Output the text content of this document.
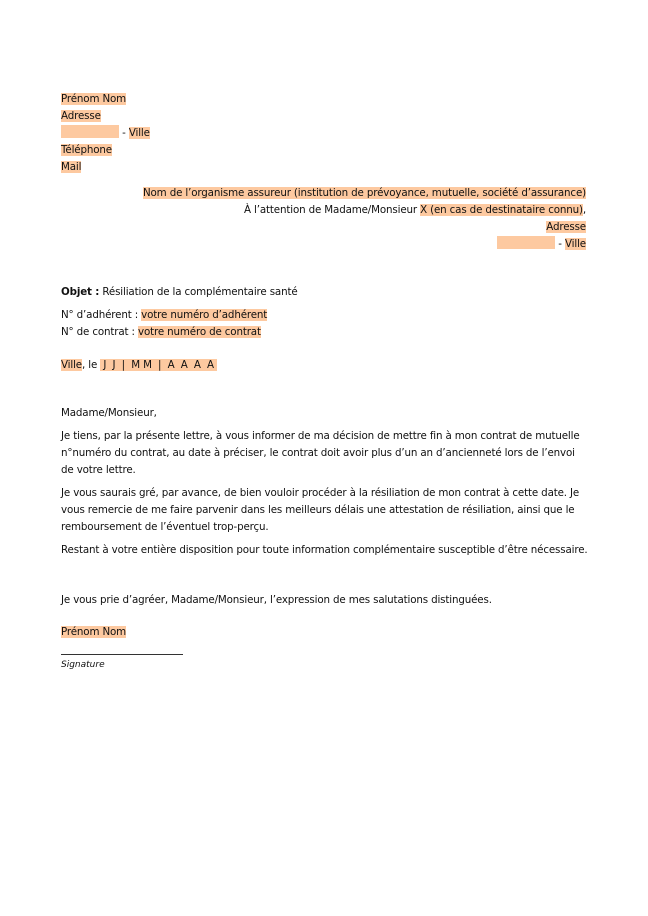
Prénom Nom
Adresse
- Ville
Téléphone
Mail
Nom de l’organisme assureur (institution de prévoyance, mutuelle, société d’assurance)
À l’attention de Madame/Monsieur X (en cas de destinataire connu),
Adresse
- Ville
Objet : Résiliation de la complémentaire santé
N° d’adhérent : votre numéro d’adhérent
N° de contrat : votre numéro de contrat
Ville, le  J  J  |  M M  |  A  A  A  A
Madame/Monsieur,
Je tiens, par la présente lettre, à vous informer de ma décision de mettre fin à mon contrat de mutuelle n°numéro du contrat, au date à préciser, le contrat doit avoir plus d’un an d’ancienneté lors de l’envoi de votre lettre.
Je vous saurais gré, par avance, de bien vouloir procéder à la résiliation de mon contrat à cette date. Je vous remercie de me faire parvenir dans les meilleurs délais une attestation de résiliation, ainsi que le remboursement de l’éventuel trop-perçu.
Restant à votre entière disposition pour toute information complémentaire susceptible d’être nécessaire.
Je vous prie d’agréer, Madame/Monsieur, l’expression de mes salutations distinguées.
Prénom Nom
Signature
